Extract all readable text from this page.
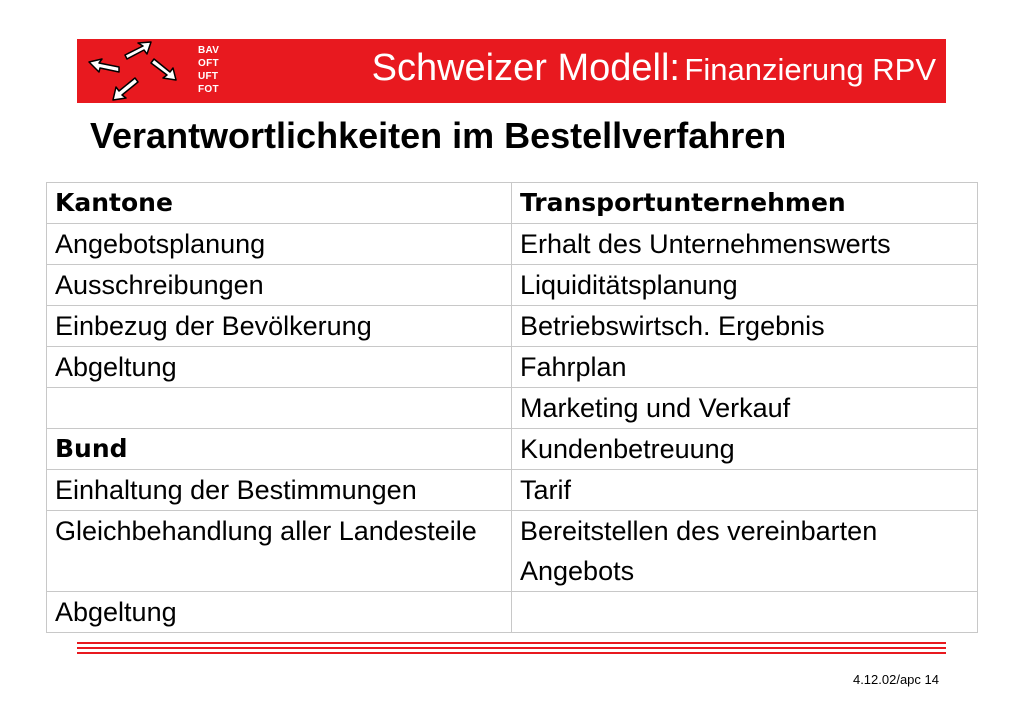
BAV
OFT
UFT
FOT
Schweizer Modell: Finanzierung RPV
Verantwortlichkeiten im Bestellverfahren
Kantone	Transportunternehmen
Angebotsplanung	Erhalt des Unternehmenswerts
Ausschreibungen	Liquiditätsplanung
Einbezug der Bevölkerung	Betriebswirtsch. Ergebnis
Abgeltung	Fahrplan
	Marketing und Verkauf
Bund	Kundenbetreuung
Einhaltung der Bestimmungen	Tarif
Gleichbehandlung aller Landesteile	Bereitstellen des vereinbarten Angebots
Abgeltung	
4.12.02/apc 14
